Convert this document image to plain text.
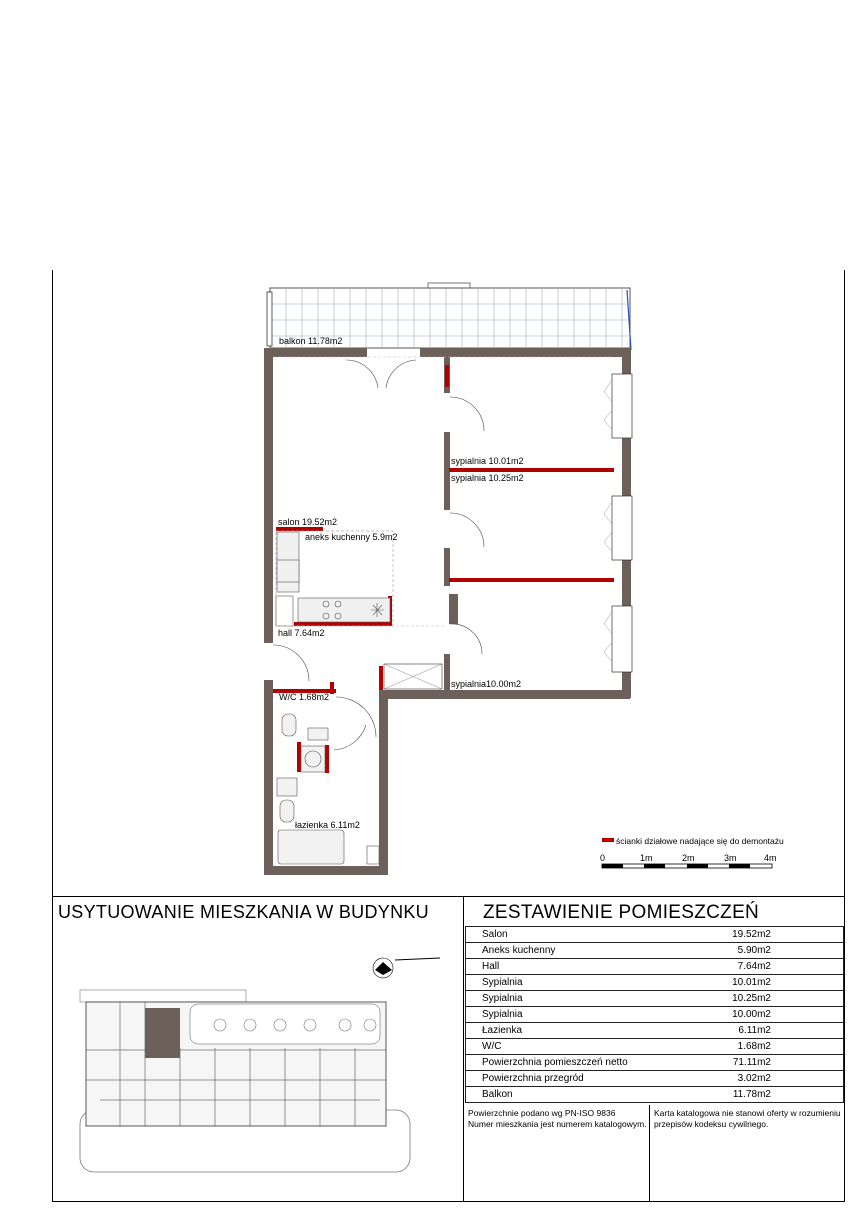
balkon 11.78m2
sypialnia 10.01m2
sypialnia 10.25m2
salon 19.52m2
aneks kuchenny 5.9m2
hall 7.64m2
sypialnia10.00m2
W/C 1.68m2
łazienka 6.11m2
ścianki działowe nadające się do demontażu
0	1m	2m	3m	4m
USYTUOWANIE MIESZKANIA W BUDYNKU	ZESTAWIENIE POMIESZCZEŃ
Salon	19.52m2
Aneks kuchenny	5.90m2
Hall	7.64m2
Sypialnia	10.01m2
Sypialnia	10.25m2
Sypialnia	10.00m2
Łazienka	6.11m2
W/C	1.68m2
Powierzchnia pomieszczeń netto	71.11m2
Powierzchnia przegród	3.02m2
Balkon	11.78m2
Powierzchnie podano wg PN-ISO 9836
Numer mieszkania jest numerem katalogowym.
Karta katalogowa nie stanowi oferty w rozumieniu
przepisów kodeksu cywilnego.
